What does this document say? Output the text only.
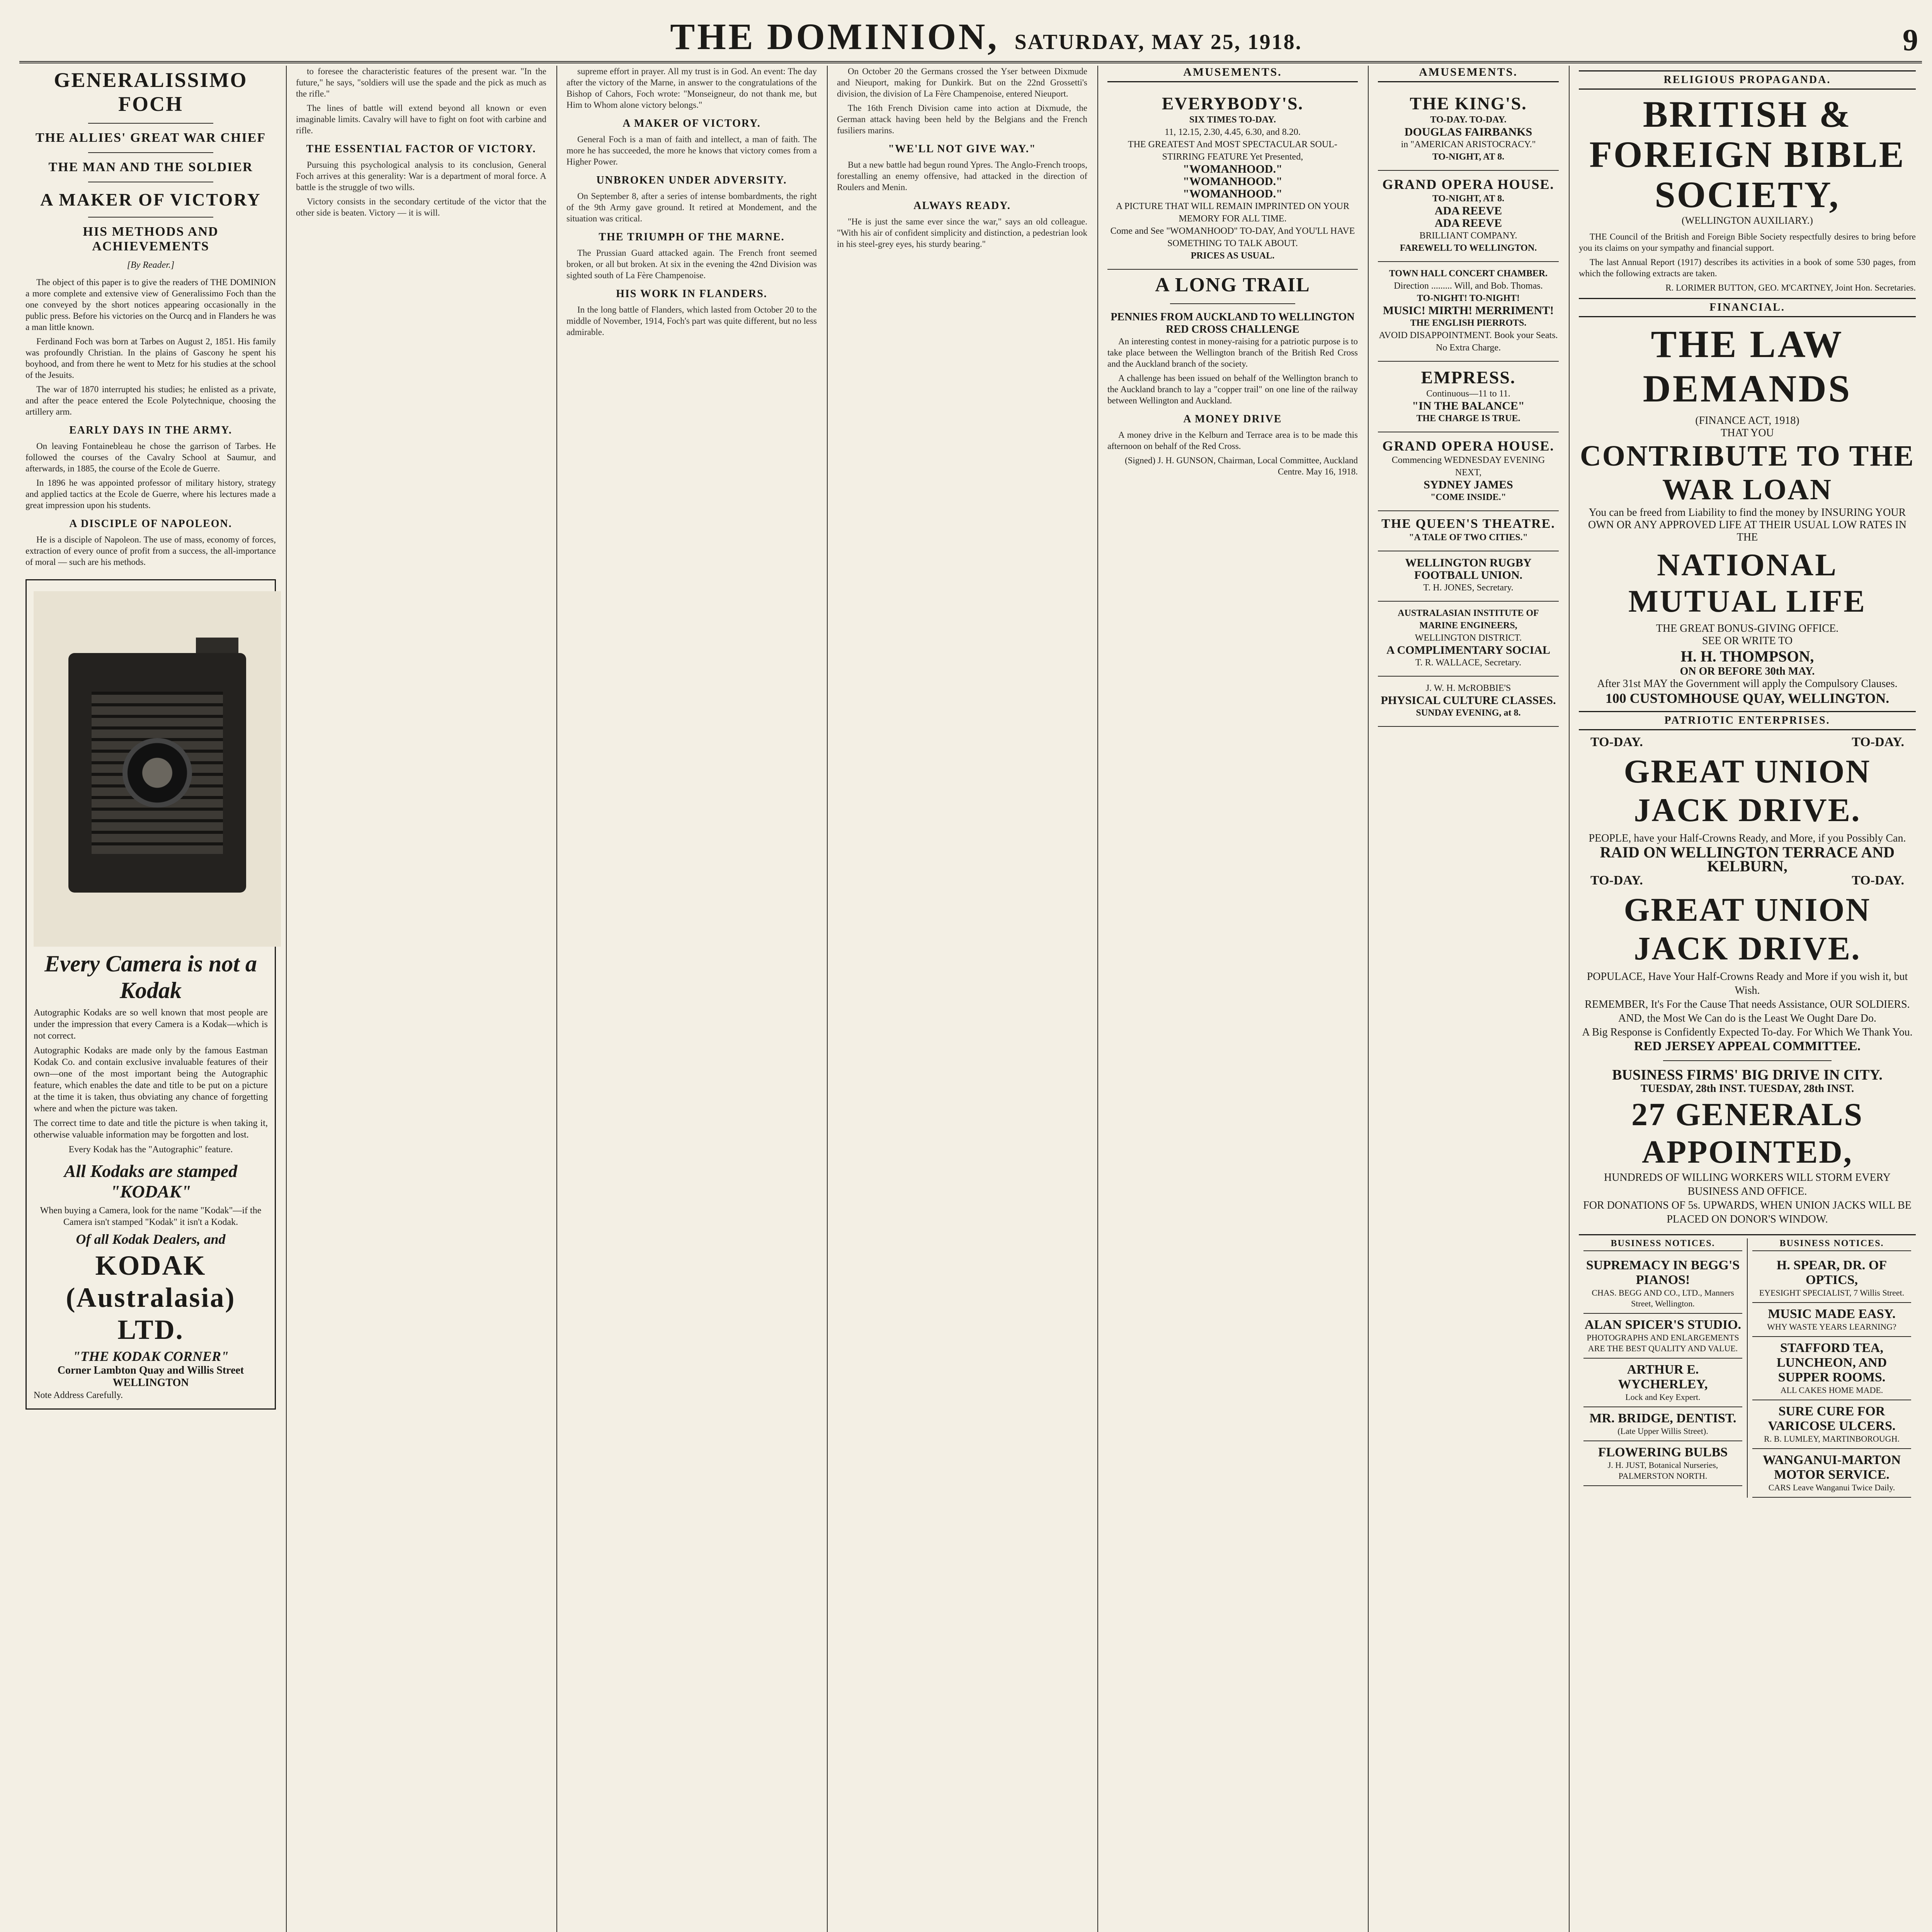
THE DOMINION, SATURDAY, MAY 25, 1918.	9
GENERALISSIMO FOCH
THE ALLIES' GREAT WAR CHIEF
THE MAN AND THE SOLDIER
A MAKER OF VICTORY
HIS METHODS AND ACHIEVEMENTS
[By Reader.]

The object of this paper is to give the readers of THE DOMINION a more complete and extensive view of Generalissimo Foch than the one conveyed by the short notices appearing occasionally in the public press. Before his victories on the Ourcq and in Flanders he was a man little known.

Ferdinand Foch was born at Tarbes on August 2, 1851. His family was profoundly Christian. In the plains of Gascony he spent his boyhood, and from there he went to Metz for his studies at the school of the Jesuits.

The war of 1870 interrupted his studies; he enlisted as a private, and after the peace entered the Ecole Polytechnique, choosing the artillery arm.

EARLY DAYS IN THE ARMY.

On leaving Fontainebleau he chose the garrison of Tarbes. He followed the courses of the Cavalry School at Saumur, and afterwards, in 1885, the course of the Ecole de Guerre.

In 1896 he was appointed professor of military history, strategy and applied tactics at the Ecole de Guerre, where his lectures made a great impression upon his students.

A DISCIPLE OF NAPOLEON.

He is a disciple of Napoleon. The use of mass, economy of forces, extraction of every ounce of profit from a success, the all-importance of moral — such are his methods.

Every Camera is not a Kodak

Autographic Kodaks are so well known that most people are under the impression that every Camera is a Kodak—which is not correct.

Autographic Kodaks are made only by the famous Eastman Kodak Co. and contain exclusive invaluable features of their own—one of the most important being the Autographic feature, which enables the date and title to be put on a picture at the time it is taken, thus obviating any chance of forgetting where and when the picture was taken.

The correct time to date and title the picture is when taking it, otherwise valuable information may be forgotten and lost.

Every Kodak has the "Autographic" feature.

All Kodaks are stamped "KODAK"

When buying a Camera, look for the name "Kodak"—if the Camera isn't stamped "Kodak" it isn't a Kodak.

Of all Kodak Dealers, and
KODAK (Australasia) LTD.
"THE KODAK CORNER"
Corner Lambton Quay and Willis Street
WELLINGTON
Note Address Carefully.

to foresee the characteristic features of the present war. "In the future," he says, "soldiers will use the spade and the pick as much as the rifle."

The lines of battle will extend beyond all known or even imaginable limits. Cavalry will have to fight on foot with carbine and rifle.

THE ESSENTIAL FACTOR OF VICTORY.

Pursuing this psychological analysis to its conclusion, General Foch arrives at this generality: War is a department of moral force. A battle is the struggle of two wills.

Victory consists in the secondary certitude of the victor that the other side is beaten. Victory — it is will.

supreme effort in prayer. All my trust is in God. An event: The day after the victory of the Marne, in answer to the congratulations of the Bishop of Cahors, Foch wrote: "Monseigneur, do not thank me, but Him to Whom alone victory belongs."

A MAKER OF VICTORY.

General Foch is a man of faith and intellect, a man of faith. The more he has succeeded, the more he knows that victory comes from a Higher Power.

UNBROKEN UNDER ADVERSITY.

On September 8, after a series of intense bombardments, the right of the 9th Army gave ground. It retired at Mondement, and the situation was critical.

THE TRIUMPH OF THE MARNE.

The Prussian Guard attacked again. The French front seemed broken, or all but broken. At six in the evening the 42nd Division was sighted south of La Fère Champenoise.

HIS WORK IN FLANDERS.

In the long battle of Flanders, which lasted from October 20 to the middle of November, 1914, Foch's part was quite different, but no less admirable.

On October 20 the Germans crossed the Yser between Dixmude and Nieuport, making for Dunkirk. But on the 22nd Grossetti's division, the division of La Fère Champenoise, entered Nieuport.

The 16th French Division came into action at Dixmude, the German attack having been held by the Belgians and the French fusiliers marins.

"WE'LL NOT GIVE WAY."

But a new battle had begun round Ypres. The Anglo-French troops, forestalling an enemy offensive, had attacked in the direction of Roulers and Menin.

ALWAYS READY.

"He is just the same ever since the war," says an old colleague. "With his air of confident simplicity and distinction, a pedestrian look in his steel-grey eyes, his sturdy bearing."

AMUSEMENTS.
EVERYBODY'S.
SIX TIMES TO-DAY.
11, 12.15, 2.30, 4.45, 6.30, and 8.20.
THE GREATEST And MOST SPECTACULAR SOUL-STIRRING FEATURE Yet Presented,
"WOMANHOOD."
"WOMANHOOD."
"WOMANHOOD."
A PICTURE THAT WILL REMAIN IMPRINTED ON YOUR MEMORY FOR ALL TIME.
Come and See "WOMANHOOD" TO-DAY, And YOU'LL HAVE SOMETHING TO TALK ABOUT.
PRICES AS USUAL.
A LONG TRAIL
PENNIES FROM AUCKLAND TO WELLINGTON
RED CROSS CHALLENGE

An interesting contest in money-raising for a patriotic purpose is to take place between the Wellington branch of the British Red Cross and the Auckland branch of the society.

A challenge has been issued on behalf of the Wellington branch to the Auckland branch to lay a "copper trail" on one line of the railway between Wellington and Auckland.

A MONEY DRIVE

A money drive in the Kelburn and Terrace area is to be made this afternoon on behalf of the Red Cross.

(Signed) J. H. GUNSON, Chairman, Local Committee, Auckland Centre. May 16, 1918.

AMUSEMENTS.
THE KING'S.
TO-DAY. TO-DAY.
DOUGLAS FAIRBANKS
in "AMERICAN ARISTOCRACY."
TO-NIGHT, AT 8.
GRAND OPERA HOUSE.
TO-NIGHT, AT 8.
ADA REEVE
ADA REEVE
BRILLIANT COMPANY.
FAREWELL TO WELLINGTON.
TOWN HALL CONCERT CHAMBER.
Direction ......... Will, and Bob. Thomas.
TO-NIGHT! TO-NIGHT!
MUSIC! MIRTH! MERRIMENT!
THE ENGLISH PIERROTS.
AVOID DISAPPOINTMENT. Book your Seats. No Extra Charge.
EMPRESS.
Continuous—11 to 11.
"IN THE BALANCE"
THE CHARGE IS TRUE.
GRAND OPERA HOUSE.
Commencing WEDNESDAY EVENING NEXT,
SYDNEY JAMES
"COME INSIDE."
THE QUEEN'S THEATRE.
"A TALE OF TWO CITIES."
WELLINGTON RUGBY FOOTBALL UNION.
T. H. JONES, Secretary.
AUSTRALASIAN INSTITUTE OF MARINE ENGINEERS,
WELLINGTON DISTRICT.
A COMPLIMENTARY SOCIAL
T. R. WALLACE, Secretary.
J. W. H. McROBBIE'S
PHYSICAL CULTURE CLASSES.
SUNDAY EVENING, at 8.
RELIGIOUS PROPAGANDA.
BRITISH & FOREIGN BIBLE
SOCIETY,
(WELLINGTON AUXILIARY.)

THE Council of the British and Foreign Bible Society respectfully desires to bring before you its claims on your sympathy and financial support.

The last Annual Report (1917) describes its activities in a book of some 530 pages, from which the following extracts are taken.

R. LORIMER BUTTON, GEO. M'CARTNEY, Joint Hon. Secretaries.

FINANCIAL.
THE LAW DEMANDS
(FINANCE ACT, 1918)
THAT YOU
CONTRIBUTE TO THE WAR LOAN
You can be freed from Liability to find the money by INSURING YOUR OWN OR ANY APPROVED LIFE AT THEIR USUAL LOW RATES IN THE
NATIONAL MUTUAL LIFE
THE GREAT BONUS-GIVING OFFICE.
SEE OR WRITE TO
H. H. THOMPSON,
ON OR BEFORE 30th MAY.
After 31st MAY the Government will apply the Compulsory Clauses.
100 CUSTOMHOUSE QUAY, WELLINGTON.
PATRIOTIC ENTERPRISES.
TO-DAY.	TO-DAY.
GREAT UNION JACK DRIVE.
PEOPLE, have your Half-Crowns Ready, and More, if you Possibly Can.
RAID ON WELLINGTON TERRACE AND KELBURN,
TO-DAY.	TO-DAY.
GREAT UNION JACK DRIVE.
POPULACE, Have Your Half-Crowns Ready and More if you wish it, but Wish.
REMEMBER, It's For the Cause That needs Assistance, OUR SOLDIERS.
AND, the Most We Can do is the Least We Ought Dare Do.
A Big Response is Confidently Expected To-day. For Which We Thank You.
RED JERSEY APPEAL COMMITTEE.
BUSINESS FIRMS' BIG DRIVE IN CITY.
TUESDAY, 28th INST. TUESDAY, 28th INST.
27 GENERALS APPOINTED,
HUNDREDS OF WILLING WORKERS WILL STORM EVERY BUSINESS AND OFFICE.
FOR DONATIONS OF 5s. UPWARDS, WHEN UNION JACKS WILL BE PLACED ON DONOR'S WINDOW.
BUSINESS NOTICES.
SUPREMACY IN BEGG'S PIANOS!
CHAS. BEGG AND CO., LTD., Manners Street, Wellington.
ALAN SPICER'S STUDIO.
PHOTOGRAPHS AND ENLARGEMENTS ARE THE BEST QUALITY AND VALUE.
ARTHUR E. WYCHERLEY,
Lock and Key Expert.
MR. BRIDGE, DENTIST.
(Late Upper Willis Street).
FLOWERING BULBS
J. H. JUST, Botanical Nurseries, PALMERSTON NORTH.
BUSINESS NOTICES.
H. SPEAR, DR. OF OPTICS,
EYESIGHT SPECIALIST, 7 Willis Street.
MUSIC MADE EASY.
WHY WASTE YEARS LEARNING?
STAFFORD TEA, LUNCHEON, AND SUPPER ROOMS.
ALL CAKES HOME MADE.
SURE CURE FOR VARICOSE ULCERS.
R. B. LUMLEY, MARTINBOROUGH.
WANGANUI-MARTON MOTOR SERVICE.
CARS Leave Wanganui Twice Daily.
